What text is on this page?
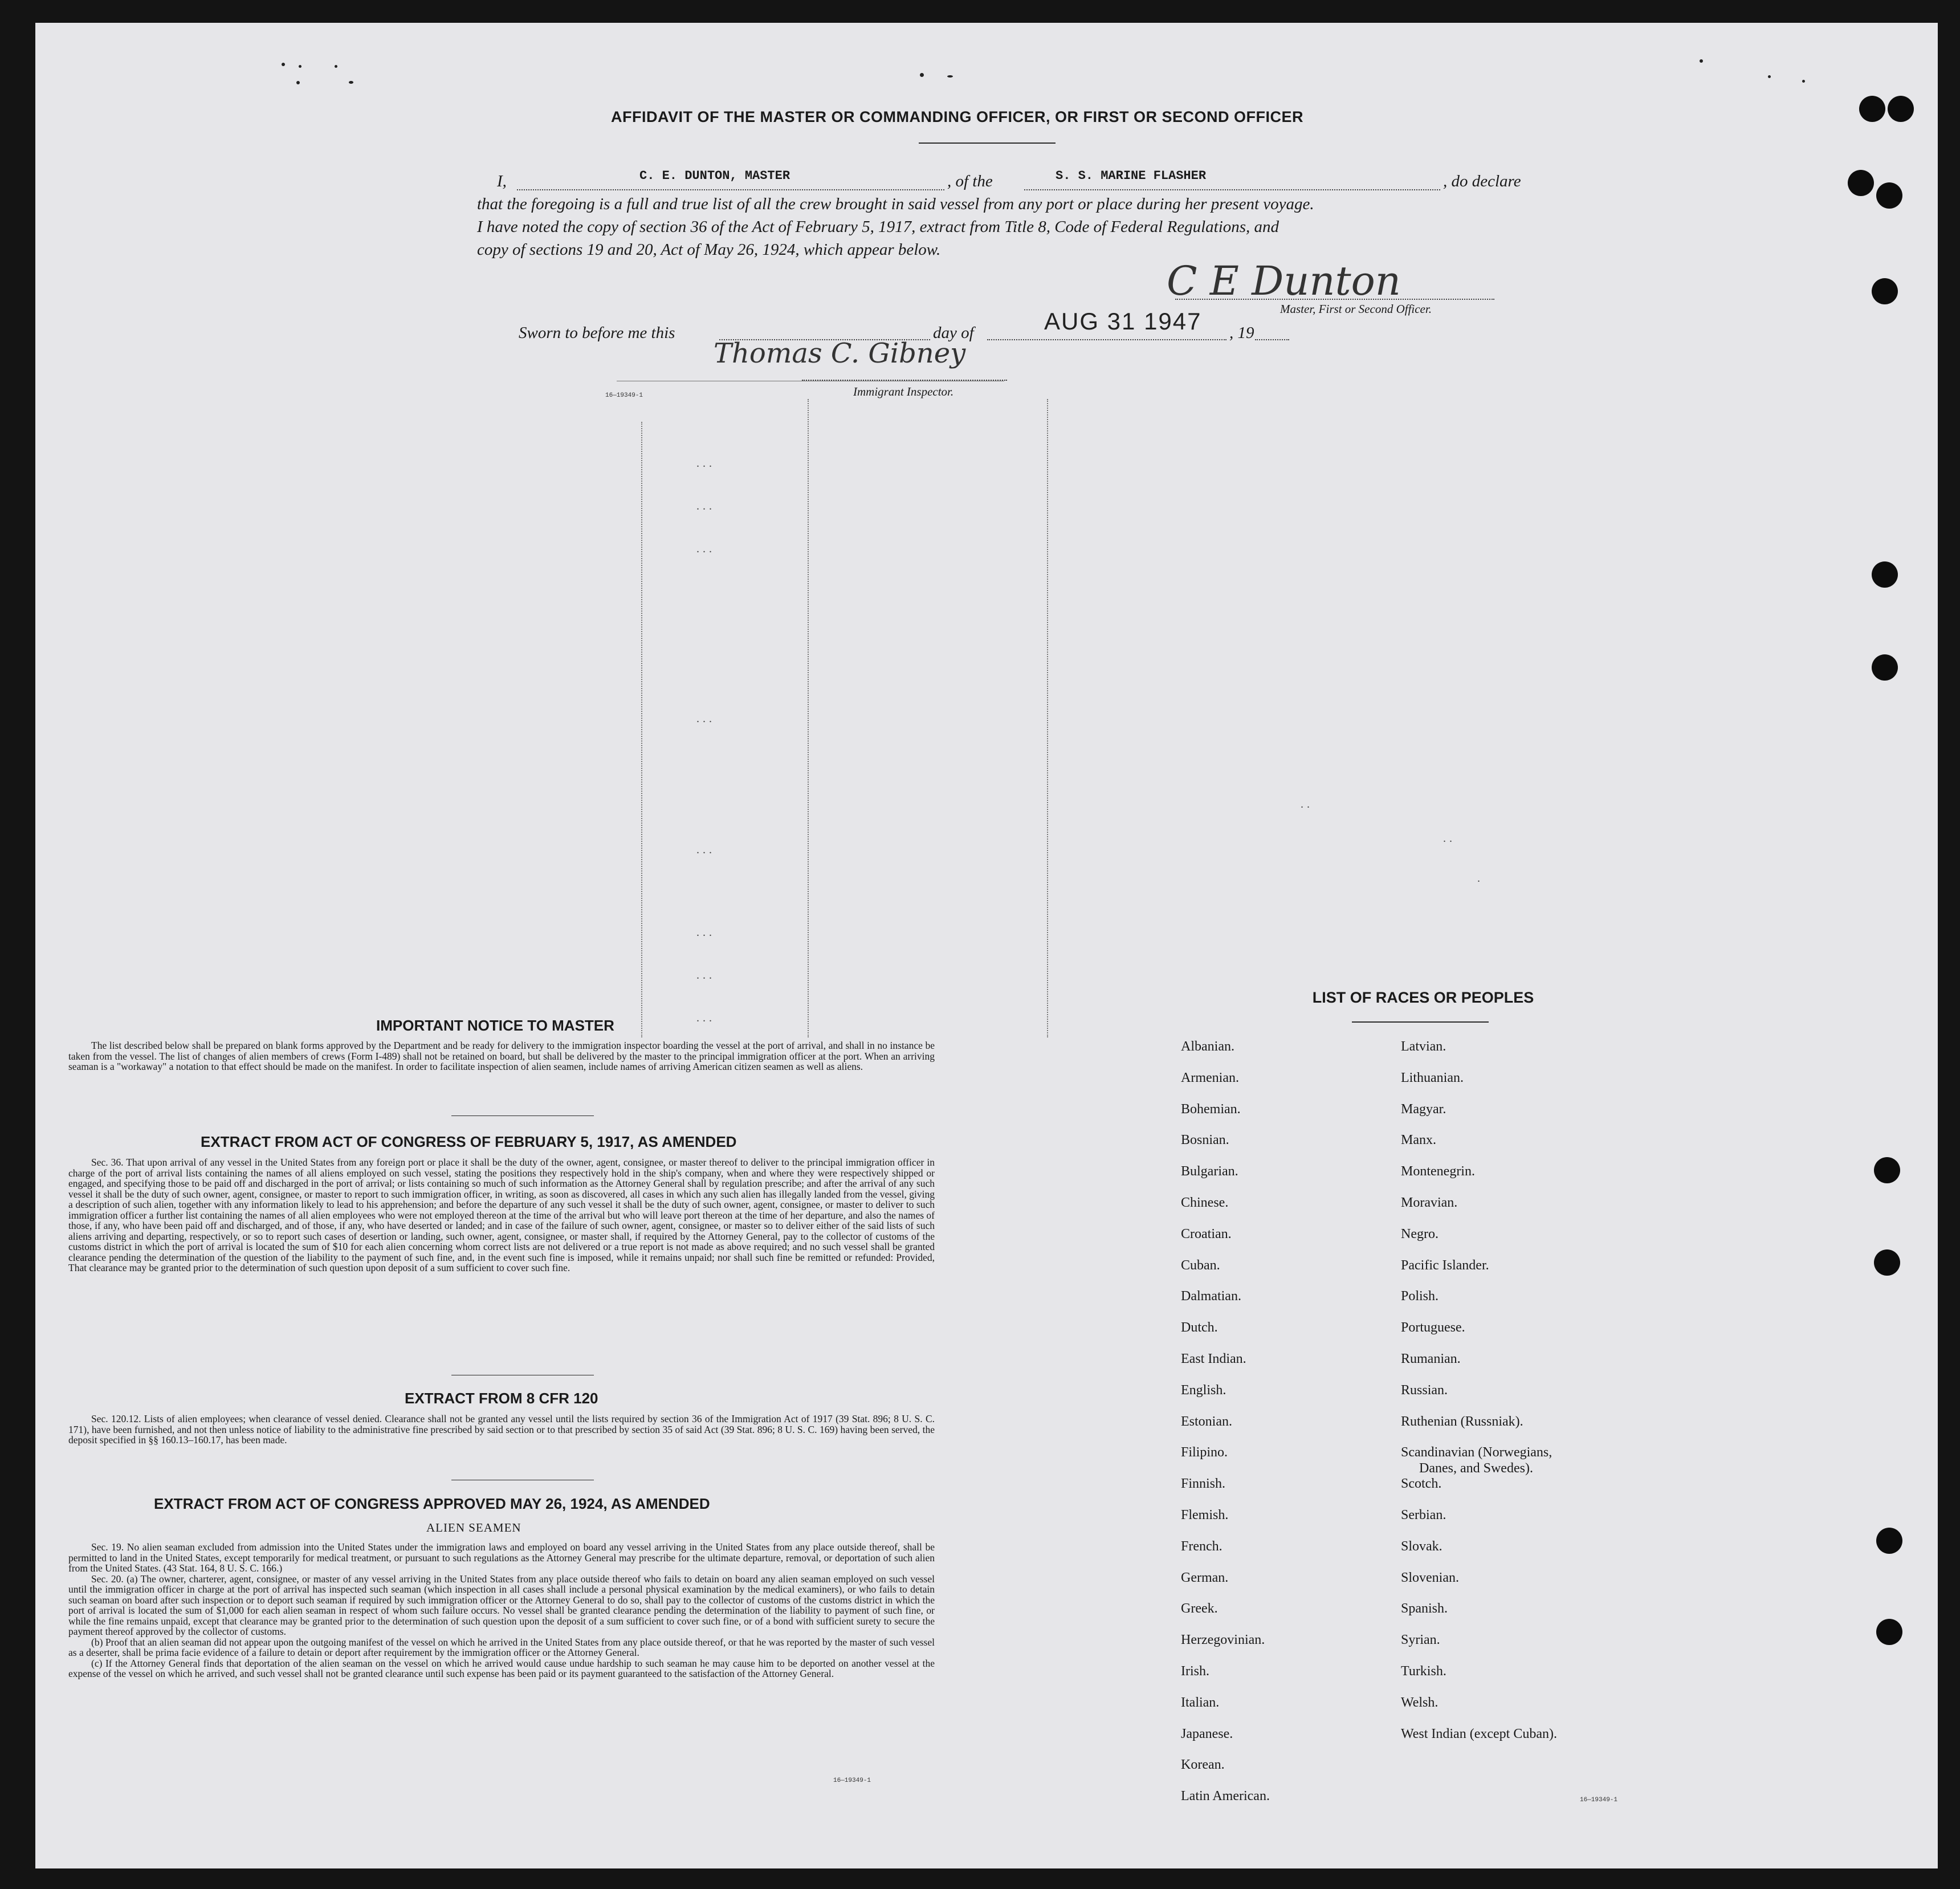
AFFIDAVIT OF THE MASTER OR COMMANDING OFFICER, OR FIRST OR SECOND OFFICER
I,	C. E. DUNTON, MASTER	, of the	S. S. MARINE FLASHER	, do declare
that the foregoing is a full and true list of all the crew brought in said vessel from any port or place during her present voyage.
I have noted the copy of section 36 of the Act of February 5, 1917, extract from Title 8, Code of Federal Regulations, and
copy of sections 19 and 20, Act of May 26, 1924, which appear below.
C E Dunton
Master, First or Second Officer.
Sworn to before me this	day of	AUG 31 1947 , 19
Thomas C. Gibney
16—19349-1	Immigrant Inspector.
...
...
...
...
...
...
...
...
..
..
.
IMPORTANT NOTICE TO MASTER
The list described below shall be prepared on blank forms approved by the Department and be ready for delivery to the immigration inspector boarding the vessel at the port of arrival, and shall in no instance be taken from the vessel. The list of changes of alien members of crews (Form I-489) shall not be retained on board, but shall be delivered by the master to the principal immigration officer at the port. When an arriving seaman is a "workaway" a notation to that effect should be made on the manifest. In order to facilitate inspection of alien seamen, include names of arriving American citizen seamen as well as aliens.
EXTRACT FROM ACT OF CONGRESS OF FEBRUARY 5, 1917, AS AMENDED
Sec. 36. That upon arrival of any vessel in the United States from any foreign port or place it shall be the duty of the owner, agent, consignee, or master thereof to deliver to the principal immigration officer in charge of the port of arrival lists containing the names of all aliens employed on such vessel, stating the positions they respectively hold in the ship's company, when and where they were respectively shipped or engaged, and specifying those to be paid off and discharged in the port of arrival; or lists containing so much of such information as the Attorney General shall by regulation prescribe; and after the arrival of any such vessel it shall be the duty of such owner, agent, consignee, or master to report to such immigration officer, in writing, as soon as discovered, all cases in which any such alien has illegally landed from the vessel, giving a description of such alien, together with any information likely to lead to his apprehension; and before the departure of any such vessel it shall be the duty of such owner, agent, consignee, or master to deliver to such immigration officer a further list containing the names of all alien employees who were not employed thereon at the time of the arrival but who will leave port thereon at the time of her departure, and also the names of those, if any, who have been paid off and discharged, and of those, if any, who have deserted or landed; and in case of the failure of such owner, agent, consignee, or master so to deliver either of the said lists of such aliens arriving and departing, respectively, or so to report such cases of desertion or landing, such owner, agent, consignee, or master shall, if required by the Attorney General, pay to the collector of customs of the customs district in which the port of arrival is located the sum of $10 for each alien concerning whom correct lists are not delivered or a true report is not made as above required; and no such vessel shall be granted clearance pending the determination of the question of the liability to the payment of such fine, and, in the event such fine is imposed, while it remains unpaid; nor shall such fine be remitted or refunded: Provided, That clearance may be granted prior to the determination of such question upon deposit of a sum sufficient to cover such fine.
EXTRACT FROM 8 CFR 120
Sec. 120.12. Lists of alien employees; when clearance of vessel denied. Clearance shall not be granted any vessel until the lists required by section 36 of the Immigration Act of 1917 (39 Stat. 896; 8 U. S. C. 171), have been furnished, and not then unless notice of liability to the administrative fine prescribed by said section or to that prescribed by section 35 of said Act (39 Stat. 896; 8 U. S. C. 169) having been served, the deposit specified in §§ 160.13–160.17, has been made.
EXTRACT FROM ACT OF CONGRESS APPROVED MAY 26, 1924, AS AMENDED
ALIEN SEAMEN

Sec. 19. No alien seaman excluded from admission into the United States under the immigration laws and employed on board any vessel arriving in the United States from any place outside thereof, shall be permitted to land in the United States, except temporarily for medical treatment, or pursuant to such regulations as the Attorney General may prescribe for the ultimate departure, removal, or deportation of such alien from the United States. (43 Stat. 164, 8 U. S. C. 166.)

Sec. 20. (a) The owner, charterer, agent, consignee, or master of any vessel arriving in the United States from any place outside thereof who fails to detain on board any alien seaman employed on such vessel until the immigration officer in charge at the port of arrival has inspected such seaman (which inspection in all cases shall include a personal physical examination by the medical examiners), or who fails to detain such seaman on board after such inspection or to deport such seaman if required by such immigration officer or the Attorney General to do so, shall pay to the collector of customs of the customs district in which the port of arrival is located the sum of $1,000 for each alien seaman in respect of whom such failure occurs. No vessel shall be granted clearance pending the determination of the liability to payment of such fine, or while the fine remains unpaid, except that clearance may be granted prior to the determination of such question upon the deposit of a sum sufficient to cover such fine, or of a bond with sufficient surety to secure the payment thereof approved by the collector of customs.

(b) Proof that an alien seaman did not appear upon the outgoing manifest of the vessel on which he arrived in the United States from any place outside thereof, or that he was reported by the master of such vessel as a deserter, shall be prima facie evidence of a failure to detain or deport after requirement by the immigration officer or the Attorney General.

(c) If the Attorney General finds that deportation of the alien seaman on the vessel on which he arrived would cause undue hardship to such seaman he may cause him to be deported on another vessel at the expense of the vessel on which he arrived, and such vessel shall not be granted clearance until such expense has been paid or its payment guaranteed to the satisfaction of the Attorney General.

16—19349-1
LIST OF RACES OR PEOPLES
16—19349-1
Albanian.
Armenian.
Bohemian.
Bosnian.
Bulgarian.
Chinese.
Croatian.
Cuban.
Dalmatian.
Dutch.
East Indian.
English.
Estonian.
Filipino.
Finnish.
Flemish.
French.
German.
Greek.
Herzegovinian.
Irish.
Italian.
Japanese.
Korean.
Latin American.
Latvian.
Lithuanian.
Magyar.
Manx.
Montenegrin.
Moravian.
Negro.
Pacific Islander.
Polish.
Portuguese.
Rumanian.
Russian.
Ruthenian (Russniak).
Scandinavian (Norwegians,
Danes, and Swedes).
Scotch.
Serbian.
Slovak.
Slovenian.
Spanish.
Syrian.
Turkish.
Welsh.
West Indian (except Cuban).
